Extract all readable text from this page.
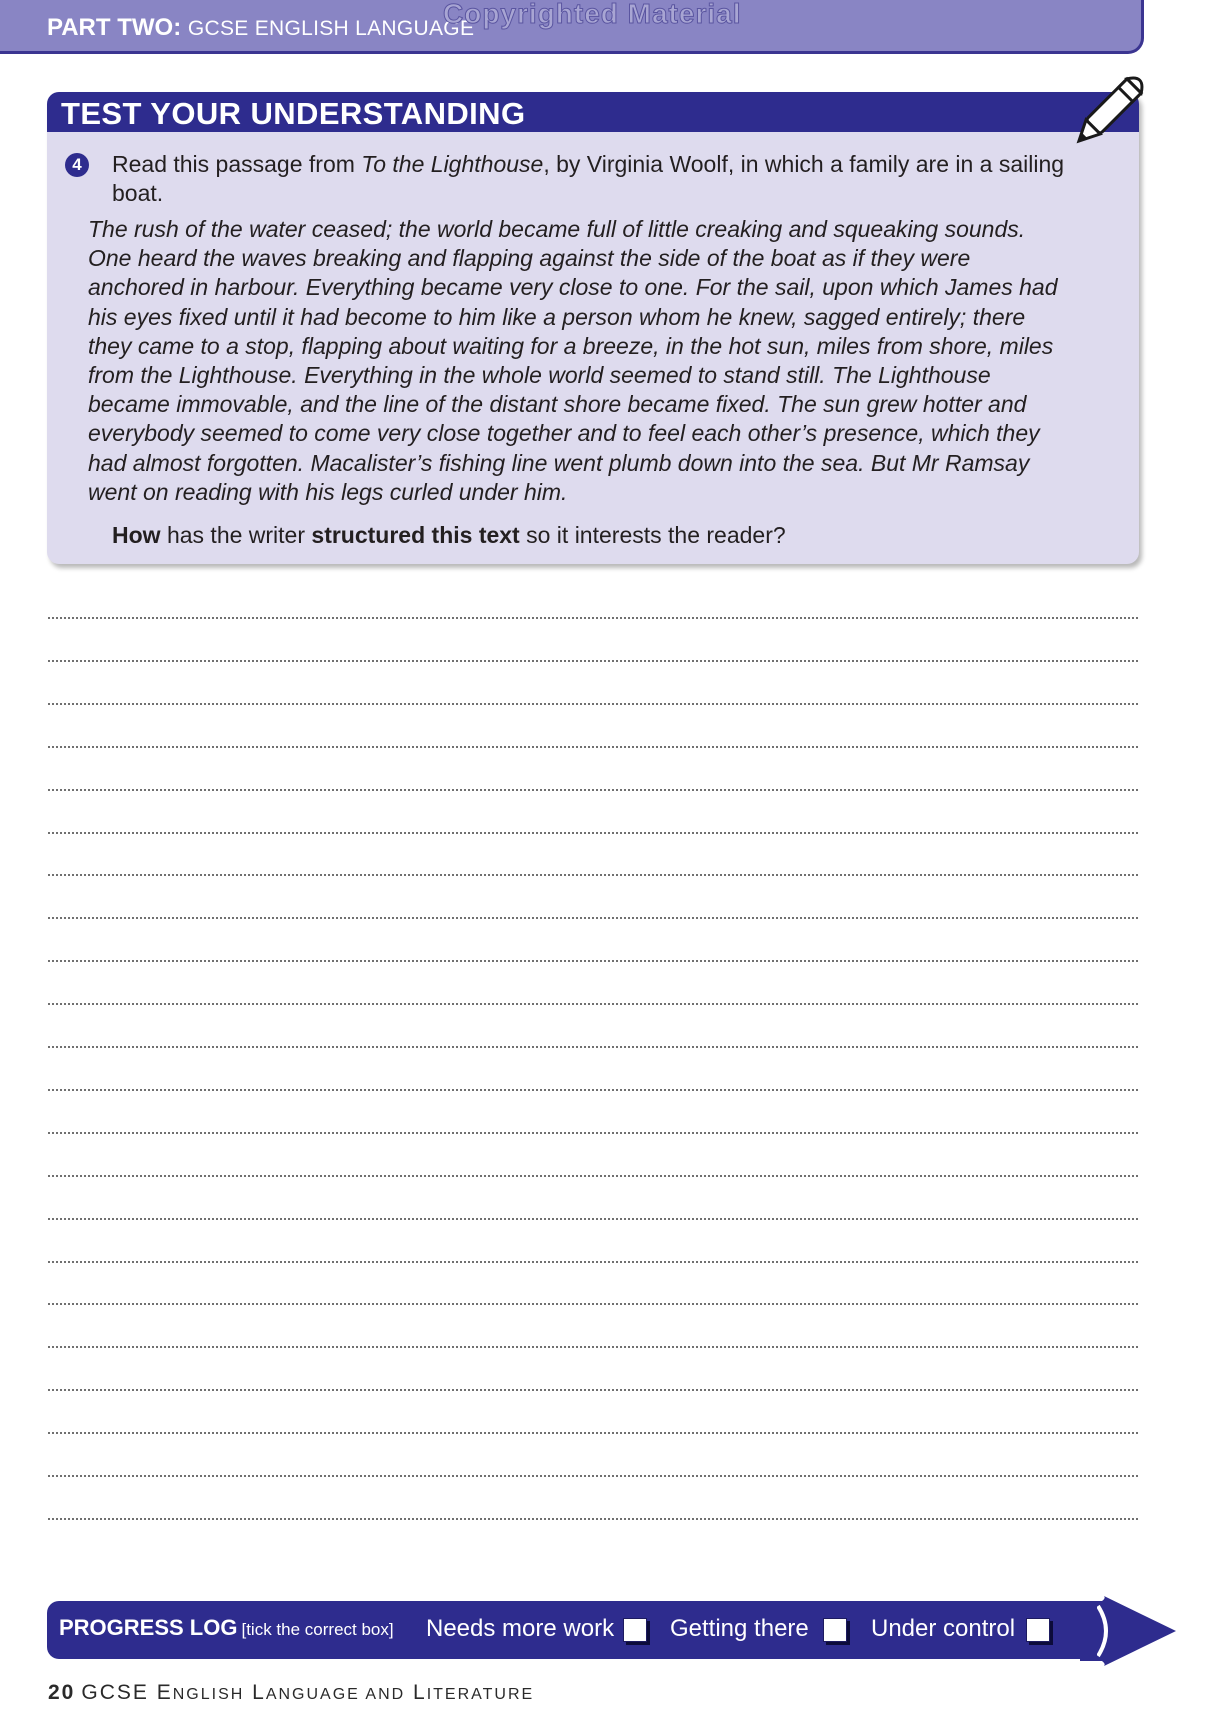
PART TWO: GCSE ENGLISH LANGUAGE
Copyrighted Material
TEST YOUR UNDERSTANDING
4	Read this passage from To the Lighthouse, by Virginia Woolf, in which a family are in a sailing boat.
The rush of the water ceased; the world became full of little creaking and squeaking sounds.
One heard the waves breaking and flapping against the side of the boat as if they were
anchored in harbour. Everything became very close to one. For the sail, upon which James had
his eyes fixed until it had become to him like a person whom he knew, sagged entirely; there
they came to a stop, flapping about waiting for a breeze, in the hot sun, miles from shore, miles
from the Lighthouse. Everything in the whole world seemed to stand still. The Lighthouse
became immovable, and the line of the distant shore became fixed. The sun grew hotter and
everybody seemed to come very close together and to feel each other’s presence, which they
had almost forgotten. Macalister’s fishing line went plumb down into the sea. But Mr Ramsay
went on reading with his legs curled under him.
How has the writer structured this text so it interests the reader?
PROGRESS LOG [tick the correct box] Needs more work Getting there	Under control
20 GCSE ENGLISH LANGUAGE AND LITERATURE
